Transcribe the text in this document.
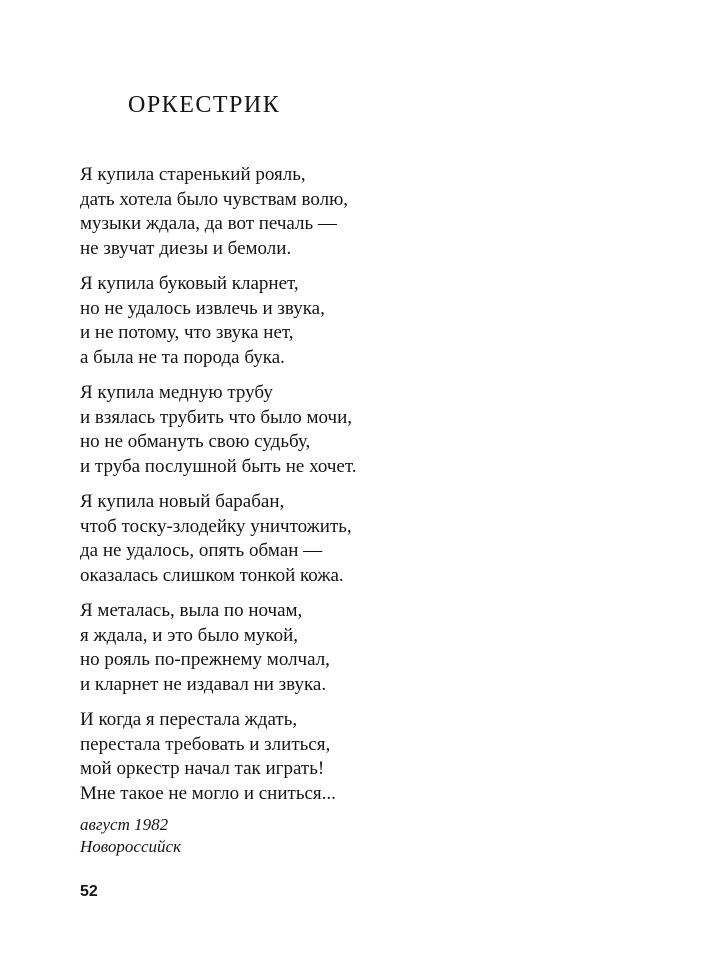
ОРКЕСТРИК

Я купила старенький рояль,
дать хотела было чувствам волю,
музыки ждала, да вот печаль —
не звучат диезы и бемоли.

Я купила буковый кларнет,
но не удалось извлечь и звука,
и не потому, что звука нет,
а была не та порода бука.

Я купила медную трубу
и взялась трубить что было мочи,
но не обмануть свою судьбу,
и труба послушной быть не хочет.

Я купила новый барабан,
чтоб тоску-злодейку уничтожить,
да не удалось, опять обман —
оказалась слишком тонкой кожа.

Я металась, выла по ночам,
я ждала, и это было мукой,
но рояль по-прежнему молчал,
и кларнет не издавал ни звука.

И когда я перестала ждать,
перестала требовать и злиться,
мой оркестр начал так играть!
Мне такое не могло и сниться...

август 1982
Новороссийск
52
